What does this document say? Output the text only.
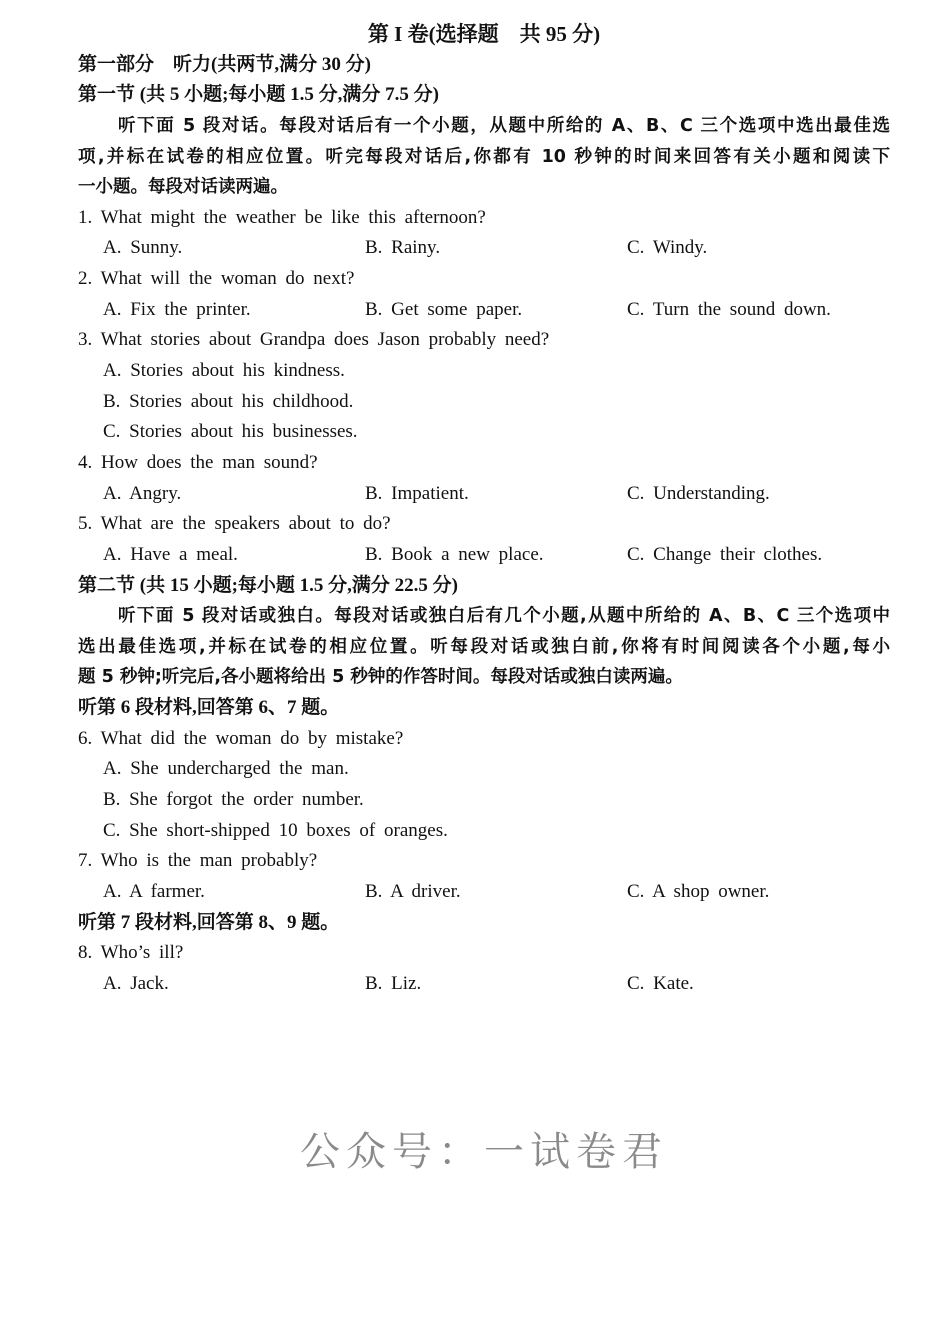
第 I 卷(选择题　共 95 分)
第一部分　听力(共两节,满分 30 分)
第一节 (共 5 小题;每小题 1.5 分,满分 7.5 分)
听下面 5 段对话。每段对话后有一个小题，从题中所给的 A、B、C 三个选项中选出最佳选
项,并标在试卷的相应位置。听完每段对话后,你都有 10 秒钟的时间来回答有关小题和阅读下
一小题。每段对话读两遍。
1. What might the weather be like this afternoon?
A. Sunny.	B. Rainy.	C. Windy.
2. What will the woman do next?
A. Fix the printer.	B. Get some paper.	C. Turn the sound down.
3. What stories about Grandpa does Jason probably need?
A. Stories about his kindness.
B. Stories about his childhood.
C. Stories about his businesses.
4. How does the man sound?
A. Angry.	B. Impatient.	C. Understanding.
5. What are the speakers about to do?
A. Have a meal.	B. Book a new place.	C. Change their clothes.
第二节 (共 15 小题;每小题 1.5 分,满分 22.5 分)
听下面 5 段对话或独白。每段对话或独白后有几个小题,从题中所给的 A、B、C 三个选项中
选出最佳选项,并标在试卷的相应位置。听每段对话或独白前,你将有时间阅读各个小题,每小
题 5 秒钟;听完后,各小题将给出 5 秒钟的作答时间。每段对话或独白读两遍。
听第 6 段材料,回答第 6、7 题。
6. What did the woman do by mistake?
A. She undercharged the man.
B. She forgot the order number.
C. She short-shipped 10 boxes of oranges.
7. Who is the man probably?
A. A farmer.	B. A driver.	C. A shop owner.
听第 7 段材料,回答第 8、9 题。
8. Who’s ill?
A. Jack.	B. Liz.	C. Kate.
公众号：一试卷君
